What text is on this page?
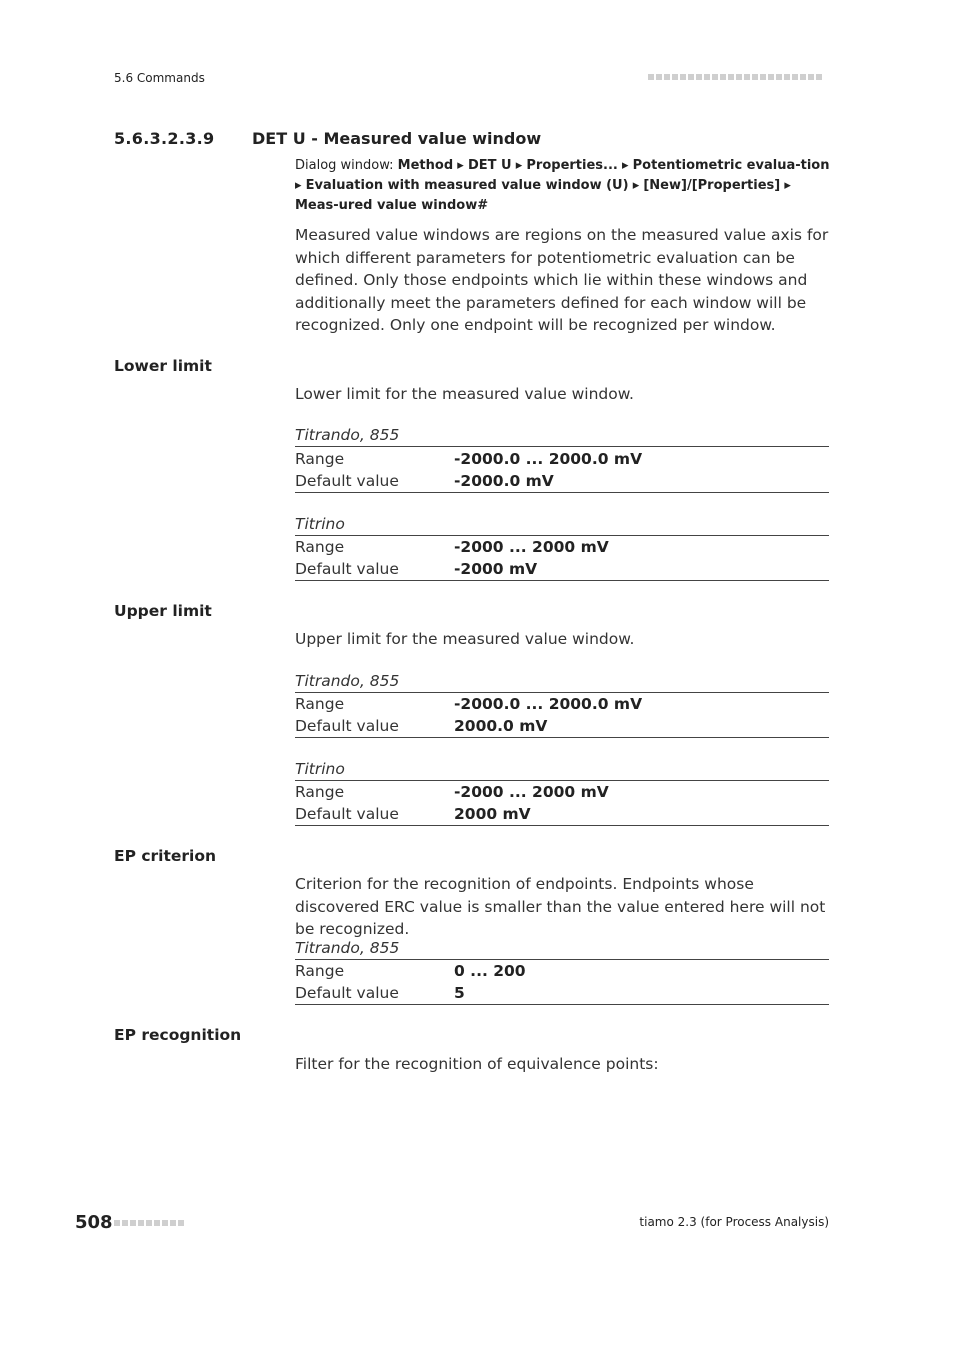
5.6 Commands
5.6.3.2.3.9 DET U - Measured value window
Dialog window: Method ▸ DET U ▸ Properties... ▸ Potentiometric evalua-tion ▸ Evaluation with measured value window (U) ▸ [New]/[Properties] ▸ Meas-ured value window#
Measured value windows are regions on the measured value axis for which different parameters for potentiometric evaluation can be defined. Only those endpoints which lie within these windows and additionally meet the parameters defined for each window will be recognized. Only one endpoint will be recognized per window.
Lower limit
Lower limit for the measured value window.
Titrando, 855
Range	-2000.0 ... 2000.0 mV
Default value	-2000.0 mV
Titrino
Range	-2000 ... 2000 mV
Default value	-2000 mV
Upper limit
Upper limit for the measured value window.
Titrando, 855
Range	-2000.0 ... 2000.0 mV
Default value	2000.0 mV
Titrino
Range	-2000 ... 2000 mV
Default value	2000 mV
EP criterion
Criterion for the recognition of endpoints. Endpoints whose discovered ERC value is smaller than the value entered here will not be recognized.
Titrando, 855
Range	0 ... 200
Default value	5
EP recognition
Filter for the recognition of equivalence points:
508	tiamo 2.3 (for Process Analysis)
